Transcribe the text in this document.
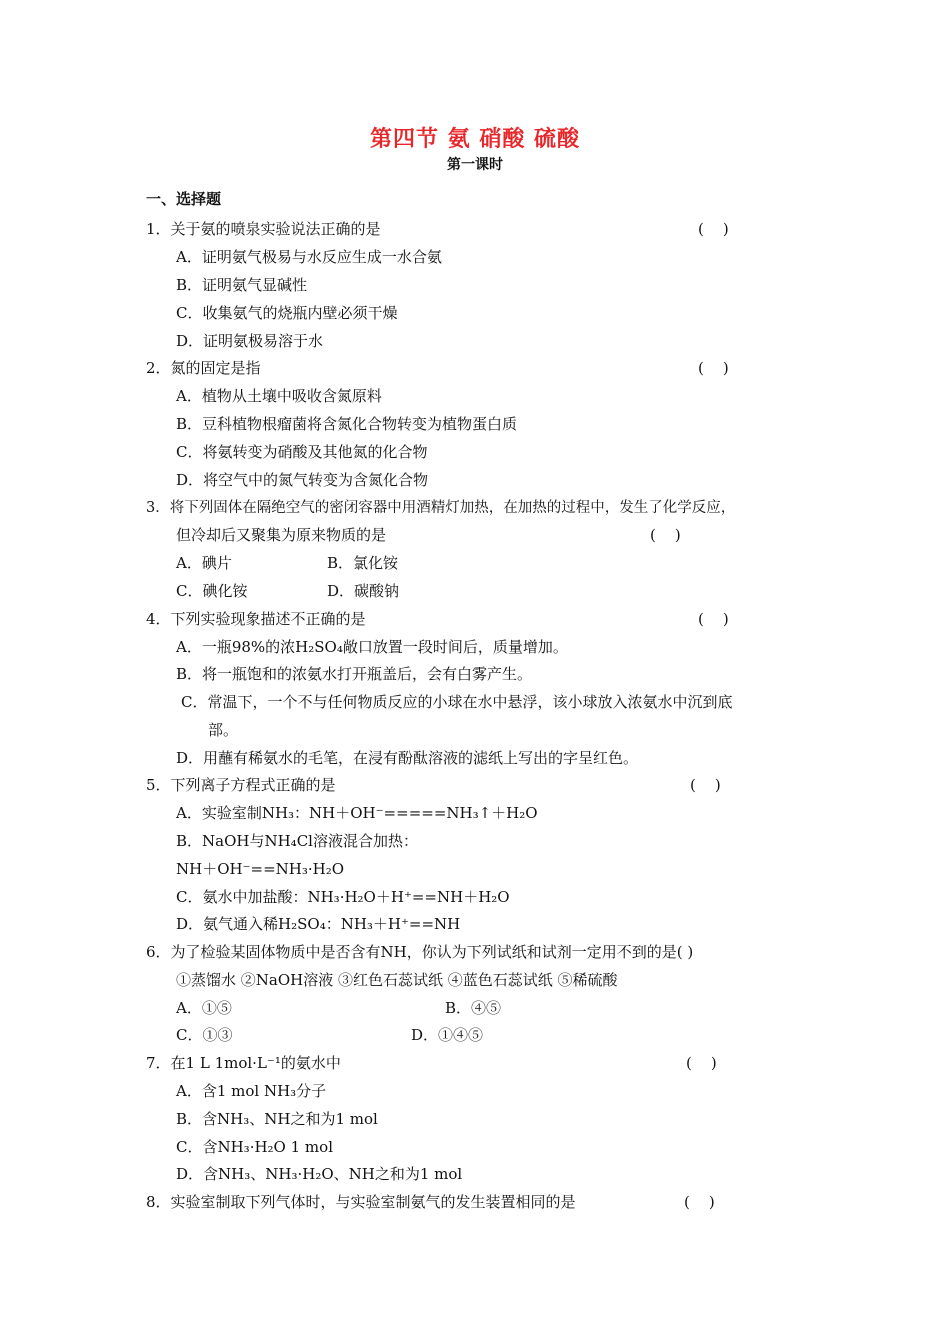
第四节 氨 硝酸 硫酸
第一课时
一、选择题
1．关于氨的喷泉实验说法正确的是	(    )
A．证明氨气极易与水反应生成一水合氨
B．证明氨气显碱性
C．收集氨气的烧瓶内壁必须干燥
D．证明氨极易溶于水
2．氮的固定是指	(    )
A．植物从土壤中吸收含氮原料
B．豆科植物根瘤菌将含氮化合物转变为植物蛋白质
C．将氨转变为硝酸及其他氮的化合物
D．将空气中的氮气转变为含氮化合物
3．将下列固体在隔绝空气的密闭容器中用酒精灯加热，在加热的过程中，发生了化学反应，
但冷却后又聚集为原来物质的是	(    )
A．碘片	B．氯化铵
C．碘化铵	D．碳酸钠
4．下列实验现象描述不正确的是	(    )
A．一瓶98%的浓H₂SO₄敞口放置一段时间后，质量增加。
B．将一瓶饱和的浓氨水打开瓶盖后，会有白雾产生。
C．常温下，一个不与任何物质反应的小球在水中悬浮，该小球放入浓氨水中沉到底
部。
D．用蘸有稀氨水的毛笔，在浸有酚酞溶液的滤纸上写出的字呈红色。
5．下列离子方程式正确的是	(    )
A．实验室制NH₃：NH＋OH⁻=====NH₃↑＋H₂O
B．NaOH与NH₄Cl溶液混合加热：
NH＋OH⁻==NH₃·H₂O
C．氨水中加盐酸：NH₃·H₂O＋H⁺==NH＋H₂O
D．氨气通入稀H₂SO₄：NH₃＋H⁺==NH
6．为了检验某固体物质中是否含有NH，你认为下列试纸和试剂一定用不到的是( )
①蒸馏水 ②NaOH溶液 ③红色石蕊试纸 ④蓝色石蕊试纸 ⑤稀硫酸
A．①⑤	B．④⑤
C．①③	D．①④⑤
7．在1 L 1mol·L⁻¹的氨水中	(    )
A．含1 mol NH₃分子
B．含NH₃、NH之和为1 mol
C．含NH₃·H₂O 1 mol
D．含NH₃、NH₃·H₂O、NH之和为1 mol
8．实验室制取下列气体时，与实验室制氨气的发生装置相同的是	(    )
